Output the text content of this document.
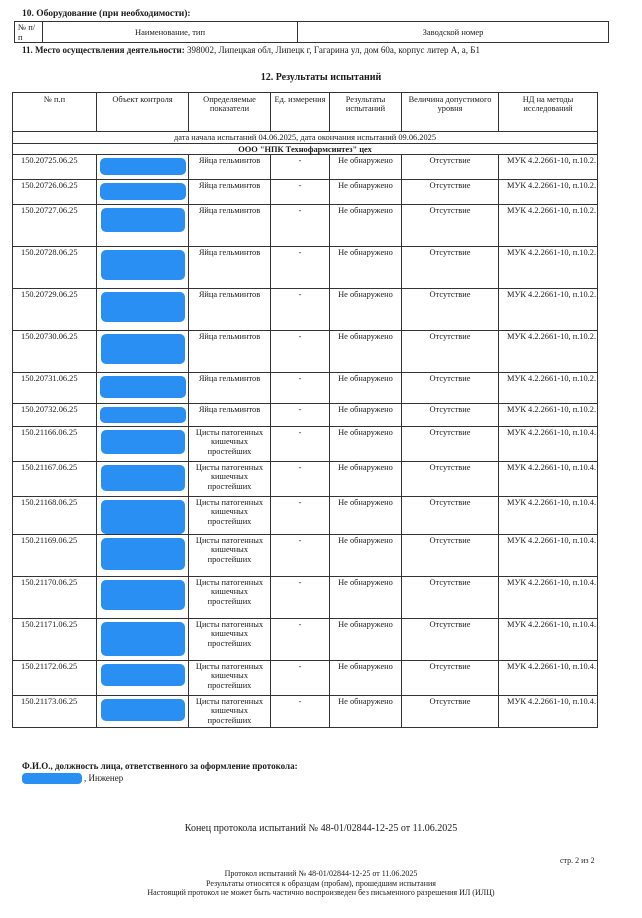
10. Оборудование (при необходимости):
№ п/п	Наименование, тип	Заводской номер
11. Место осуществления деятельности: 398002, Липецкая обл, Липецк г, Гагарина ул, дом 60а, корпус литер А, а, Б1
12. Результаты испытаний
№ п.п	Объект контроля	Определяемые показатели	Ед. измерения	Результаты испытаний	Величина допустимого уровня	НД на методы исследований
дата начала испытаний 04.06.2025, дата окончания испытаний 09.06.2025						
ООО "НПК Технофармсинтез" цех						
150.20725.06.25		Яйца гельминтов	-	Не обнаружено	Отсутствие	МУК 4.2.2661-10, п.10.2.
150.20726.06.25		Яйца гельминтов	-	Не обнаружено	Отсутствие	МУК 4.2.2661-10, п.10.2.
150.20727.06.25		Яйца гельминтов	-	Не обнаружено	Отсутствие	МУК 4.2.2661-10, п.10.2.
150.20728.06.25		Яйца гельминтов	-	Не обнаружено	Отсутствие	МУК 4.2.2661-10, п.10.2.
150.20729.06.25		Яйца гельминтов	-	Не обнаружено	Отсутствие	МУК 4.2.2661-10, п.10.2.
150.20730.06.25		Яйца гельминтов	-	Не обнаружено	Отсутствие	МУК 4.2.2661-10, п.10.2.
150.20731.06.25		Яйца гельминтов	-	Не обнаружено	Отсутствие	МУК 4.2.2661-10, п.10.2.
150.20732.06.25		Яйца гельминтов	-	Не обнаружено	Отсутствие	МУК 4.2.2661-10, п.10.2.
150.21166.06.25		Цисты патогенных кишечных простейших	-	Не обнаружено	Отсутствие	МУК 4.2.2661-10, п.10.4.
150.21167.06.25		Цисты патогенных кишечных простейших	-	Не обнаружено	Отсутствие	МУК 4.2.2661-10, п.10.4.
150.21168.06.25		Цисты патогенных кишечных простейших	-	Не обнаружено	Отсутствие	МУК 4.2.2661-10, п.10.4.
150.21169.06.25		Цисты патогенных кишечных простейших	-	Не обнаружено	Отсутствие	МУК 4.2.2661-10, п.10.4.
150.21170.06.25		Цисты патогенных кишечных простейших	-	Не обнаружено	Отсутствие	МУК 4.2.2661-10, п.10.4.
150.21171.06.25		Цисты патогенных кишечных простейших	-	Не обнаружено	Отсутствие	МУК 4.2.2661-10, п.10.4.
150.21172.06.25		Цисты патогенных кишечных простейших	-	Не обнаружено	Отсутствие	МУК 4.2.2661-10, п.10.4.
150.21173.06.25		Цисты патогенных кишечных простейших	-	Не обнаружено	Отсутствие	МУК 4.2.2661-10, п.10.4.
Ф.И.О., должность лица, ответственного за оформление протокола:
, Инженер
Конец протокола испытаний № 48-01/02844-12-25 от 11.06.2025
стр. 2 из 2
Протокол испытаний № 48-01/02844-12-25 от 11.06.2025
Результаты относятся к образцам (пробам), прошедшим испытания
Настоящий протокол не может быть частично воспроизведен без письменного разрешения ИЛ (ИЛЦ)
